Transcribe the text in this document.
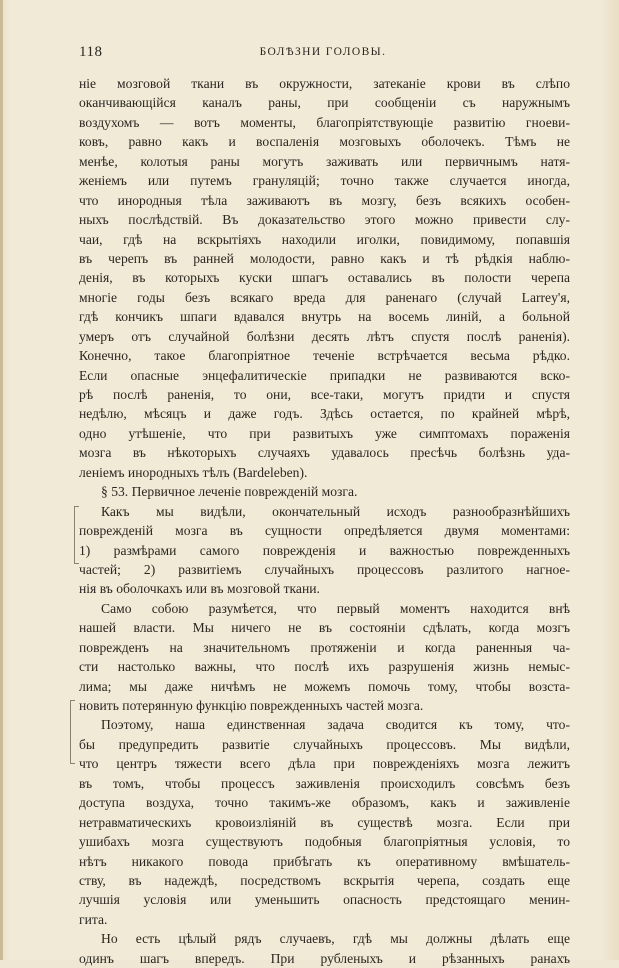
118	БОЛѢЗНИ ГОЛОВЫ.
ніе мозговой ткани въ окружности, затеканіе крови въ слѣпо
оканчивающійся каналъ раны, при сообщеніи съ наружнымъ
воздухомъ — вотъ моменты, благопріятствующіе развитію гноеви-
ковъ, равно какъ и воспаленія мозговыхъ оболочекъ. Тѣмъ не
менѣе, колотыя раны могутъ заживать или первичнымъ натя-
женіемъ или путемъ грануляцій; точно также случается иногда,
что инородныя тѣла заживаютъ въ мозгу, безъ всякихъ особен-
ныхъ послѣдствій. Въ доказательство этого можно привести слу-
чаи, гдѣ на вскрытіяхъ находили иголки, повидимому, попавшія
въ черепъ въ ранней молодости, равно какъ и тѣ рѣдкія наблю-
денія, въ которыхъ куски шпагъ оставались въ полости черепа
многіе годы безъ всякаго вреда для раненаго (случай Larrey'я,
гдѣ кончикъ шпаги вдавался внутрь на восемь линій, а больной
умеръ отъ случайной болѣзни десять лѣтъ спустя послѣ раненія).
Конечно, такое благопріятное теченіе встрѣчается весьма рѣдко.
Если опасные энцефалитическіе припадки не развиваются вско-
рѣ послѣ раненія, то они, все-таки, могутъ придти и спустя
недѣлю, мѣсяцъ и даже годъ. Здѣсь остается, по крайней мѣрѣ,
одно утѣшеніе, что при развитыхъ уже симптомахъ пораженія
мозга въ нѣкоторыхъ случаяхъ удавалось пресѣчь болѣзнь уда-
леніемъ инородныхъ тѣлъ (Bardeleben).
§ 53. Первичное леченіе поврежденій мозга.
Какъ мы видѣли, окончательный исходъ разнообразнѣйшихъ
поврежденій мозга въ сущности опредѣляется двумя моментами:
1) размѣрами самого поврежденія и важностью поврежденныхъ
частей; 2) развитіемъ случайныхъ процессовъ разлитого нагное-
нія въ оболочкахъ или въ мозговой ткани.
Само собою разумѣется, что первый моментъ находится внѣ
нашей власти. Мы ничего не въ состояніи сдѣлать, когда мозгъ
поврежденъ на значительномъ протяженіи и когда раненныя ча-
сти настолько важны, что послѣ ихъ разрушенія жизнь немыс-
лима; мы даже ничѣмъ не можемъ помочь тому, чтобы возста-
новить потерянную функцію поврежденныхъ частей мозга.
Поэтому, наша единственная задача сводится къ тому, что-
бы предупредить развитіе случайныхъ процессовъ. Мы видѣли,
что центръ тяжести всего дѣла при поврежденіяхъ мозга лежитъ
въ томъ, чтобы процессъ заживленія происходилъ совсѣмъ безъ
доступа воздуха, точно такимъ-же образомъ, какъ и заживленіе
нетравматическихъ кровоизліяній въ существѣ мозга. Если при
ушибахъ мозга существуютъ подобныя благопріятныя условія, то
нѣтъ никакого повода прибѣгать къ оперативному вмѣшатель-
ству, въ надеждѣ, посредствомъ вскрытія черепа, создать еще
лучшія условія или уменьшить опасность предстоящаго менин-
гита.
Но есть цѣлый рядъ случаевъ, гдѣ мы должны дѣлать еще
одинъ шагъ впередъ. При рубленыхъ и рѣзанныхъ ранахъ
